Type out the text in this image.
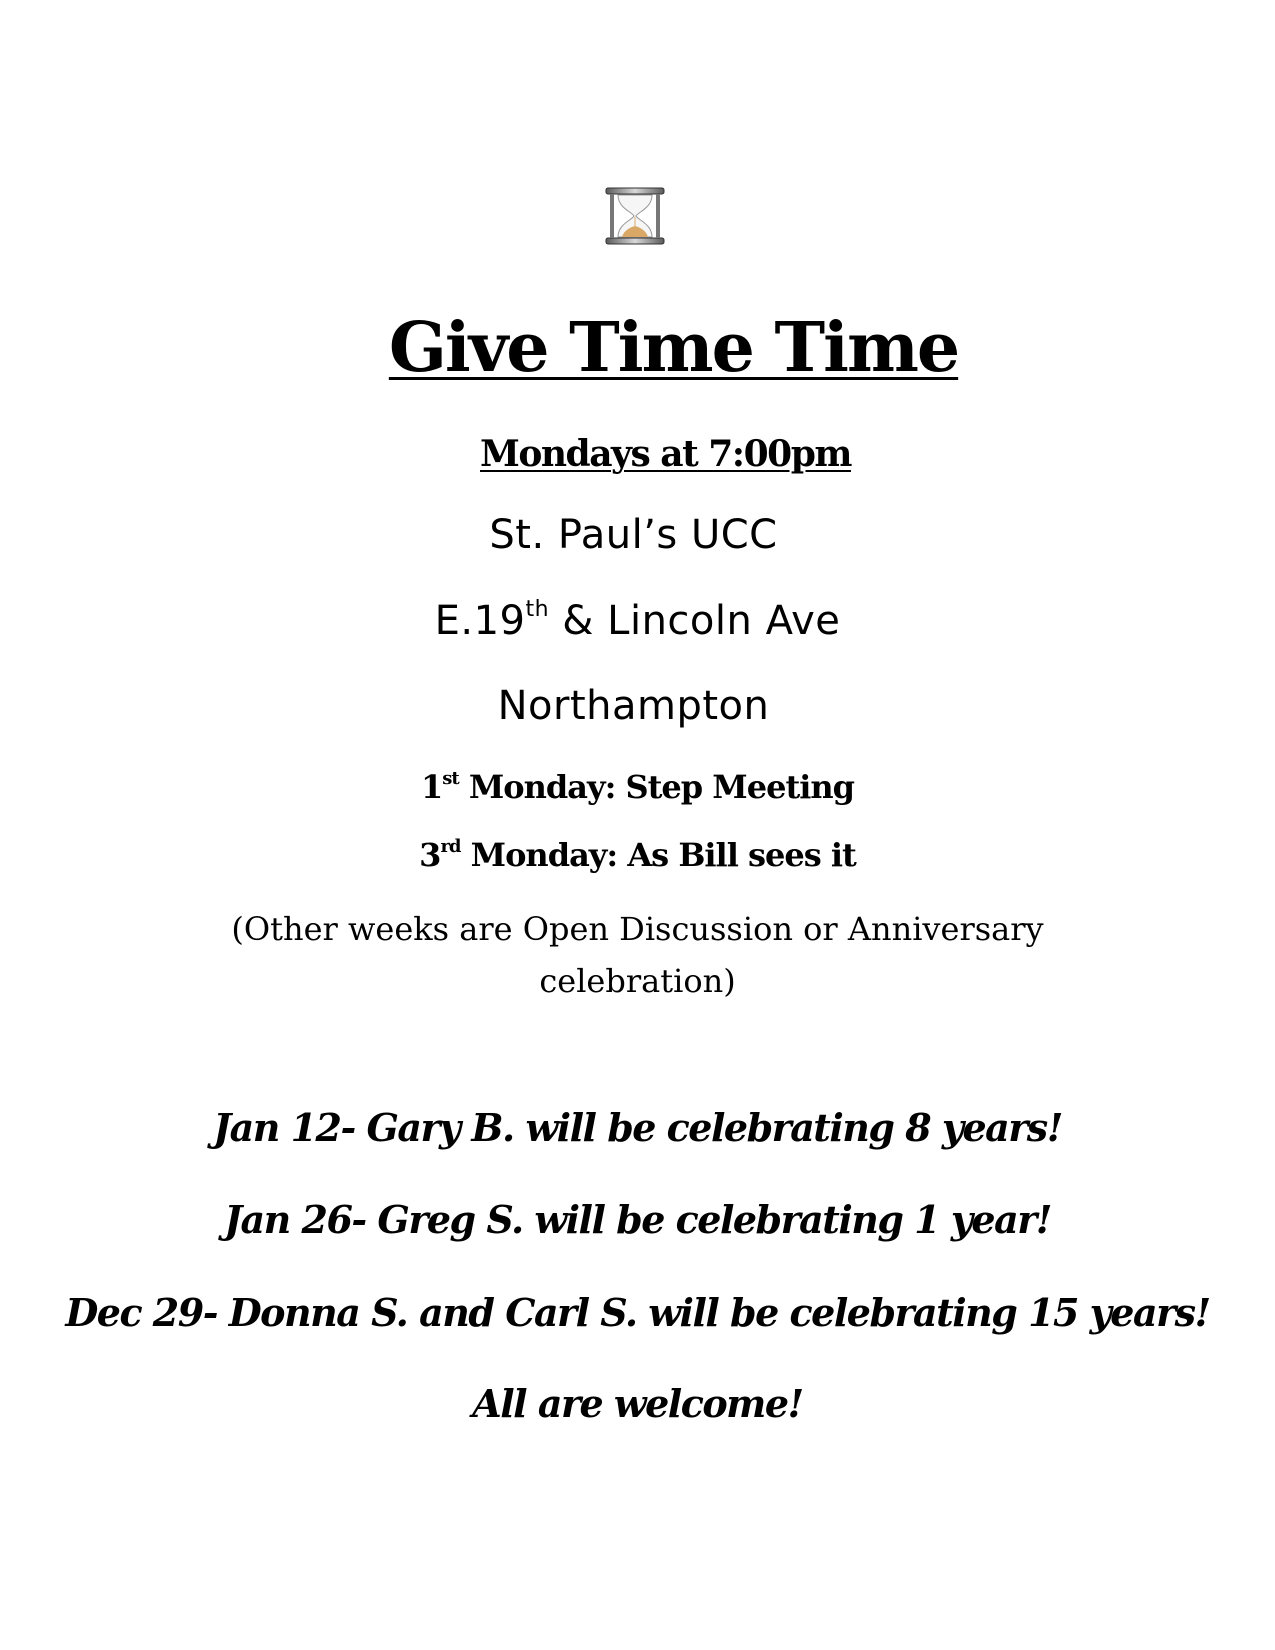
Give Time Time
Mondays at 7:00pm
St. Paul’s UCC
E.19th & Lincoln Ave
Northampton
1st Monday: Step Meeting
3rd Monday: As Bill sees it
(Other weeks are Open Discussion or Anniversary
celebration)
Jan 12- Gary B. will be celebrating 8 years!
Jan 26- Greg S. will be celebrating 1 year!
Dec 29- Donna S. and Carl S. will be celebrating 15 years!
All are welcome!
